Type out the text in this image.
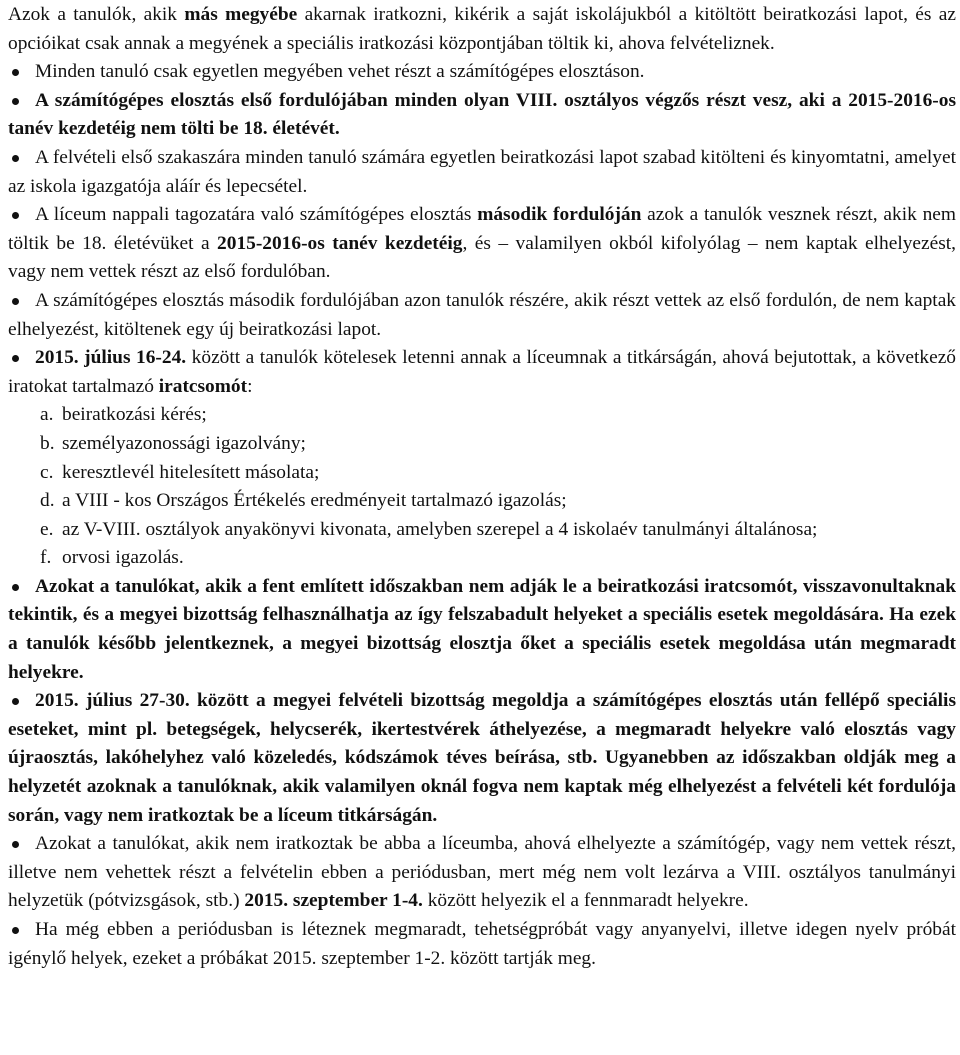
Azok a tanulók, akik más megyébe akarnak iratkozni, kikérik a saját iskolájukból a kitöltött beiratkozási lapot, és az opcióikat csak annak a megyének a speciális iratkozási központjában töltik ki, ahova felvételiznek.

Minden tanuló csak egyetlen megyében vehet részt a számítógépes elosztáson.

A számítógépes elosztás első fordulójában minden olyan VIII. osztályos végzős részt vesz, aki a 2015-2016-os tanév kezdetéig nem tölti be 18. életévét.

A felvételi első szakaszára minden tanuló számára egyetlen beiratkozási lapot szabad kitölteni és kinyomtatni, amelyet az iskola igazgatója aláír és lepecsétel.

A líceum nappali tagozatára való számítógépes elosztás második fordulóján azok a tanulók vesznek részt, akik nem töltik be 18. életévüket a 2015-2016-os tanév kezdetéig, és – valamilyen okból kifolyólag – nem kaptak elhelyezést, vagy nem vettek részt az első fordulóban.

A számítógépes elosztás második fordulójában azon tanulók részére, akik részt vettek az első fordulón, de nem kaptak elhelyezést, kitöltenek egy új beiratkozási lapot.

2015. július 16-24. között a tanulók kötelesek letenni annak a líceumnak a titkárságán, ahová bejutottak, a következő iratokat tartalmazó iratcsomót:

a. beiratkozási kérés;
b. személyazonossági igazolvány;
c. keresztlevél hitelesített másolata;
d. a VIII - kos Országos Értékelés eredményeit tartalmazó igazolás;
e. az V-VIII. osztályok anyakönyvi kivonata, amelyben szerepel a 4 iskolaév tanulmányi általánosa;
f. orvosi igazolás.

Azokat a tanulókat, akik a fent említett időszakban nem adják le a beiratkozási iratcsomót, visszavonultaknak tekintik, és a megyei bizottság felhasználhatja az így felszabadult helyeket a speciális esetek megoldására. Ha ezek a tanulók később jelentkeznek, a megyei bizottság elosztja őket a speciális esetek megoldása után megmaradt helyekre.

2015. július 27-30. között a megyei felvételi bizottság megoldja a számítógépes elosztás után fellépő speciális eseteket, mint pl. betegségek, helycserék, ikertestvérek áthelyezése, a megmaradt helyekre való elosztás vagy újraosztás, lakóhelyhez való közeledés, kódszámok téves beírása, stb. Ugyanebben az időszakban oldják meg a helyzetét azoknak a tanulóknak, akik valamilyen oknál fogva nem kaptak még elhelyezést a felvételi két fordulója során, vagy nem iratkoztak be a líceum titkárságán.

Azokat a tanulókat, akik nem iratkoztak be abba a líceumba, ahová elhelyezte a számítógép, vagy nem vettek részt, illetve nem vehettek részt a felvételin ebben a periódusban, mert még nem volt lezárva a VIII. osztályos tanulmányi helyzetük (pótvizsgások, stb.) 2015. szeptember 1-4. között helyezik el a fennmaradt helyekre.

Ha még ebben a periódusban is léteznek megmaradt, tehetségpróbát vagy anyanyelvi, illetve idegen nyelv próbát igénylő helyek, ezeket a próbákat 2015. szeptember 1-2. között tartják meg.
